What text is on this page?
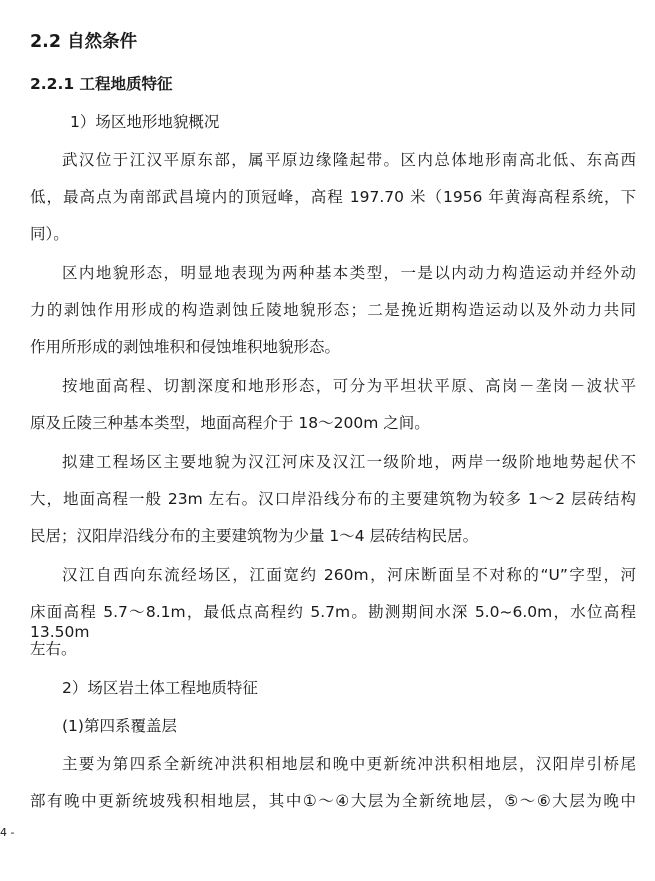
2.2 自然条件
2.2.1 工程地质特征
1）场区地形地貌概况
武汉位于江汉平原东部，属平原边缘隆起带。区内总体地形南高北低、东高西
低，最高点为南部武昌境内的顶冠峰，高程 197.70 米（1956 年黄海高程系统，下
同）。
区内地貌形态，明显地表现为两种基本类型，一是以内动力构造运动并经外动
力的剥蚀作用形成的构造剥蚀丘陵地貌形态；二是挽近期构造运动以及外动力共同
作用所形成的剥蚀堆积和侵蚀堆积地貌形态。
按地面高程、切割深度和地形形态，可分为平坦状平原、高岗－垄岗－波状平
原及丘陵三种基本类型，地面高程介于 18～200m 之间。
拟建工程场区主要地貌为汉江河床及汉江一级阶地，两岸一级阶地地势起伏不
大，地面高程一般 23m 左右。汉口岸沿线分布的主要建筑物为较多 1～2 层砖结构
民居；汉阳岸沿线分布的主要建筑物为少量 1～4 层砖结构民居。
汉江自西向东流经场区，江面宽约 260m，河床断面呈不对称的“U”字型，河
床面高程 5.7～8.1m，最低点高程约 5.7m。勘测期间水深 5.0~6.0m，水位高程 13.50m
左右。
2）场区岩土体工程地质特征
(1)第四系覆盖层
主要为第四系全新统冲洪积相地层和晚中更新统冲洪积相地层，汉阳岸引桥尾
部有晚中更新统坡残积相地层，其中①～④大层为全新统地层，⑤～⑥大层为晚中
4 -
